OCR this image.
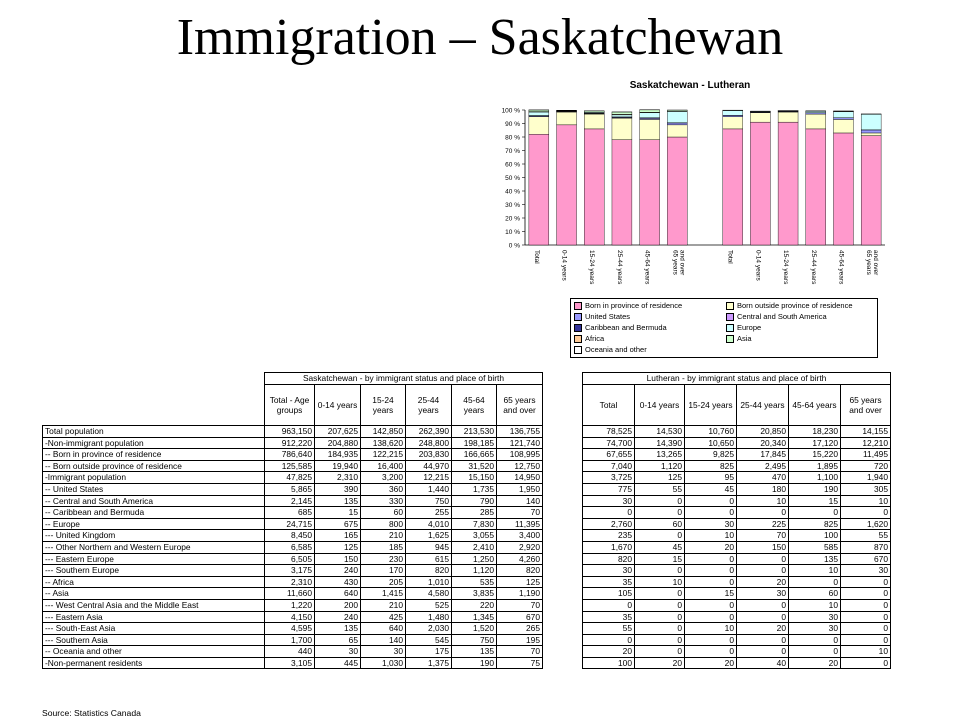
Immigration – Saskatchewan
Saskatchewan - Lutheran
0 %
10 %
20 %
30 %
40 %
50 %
60 %
70 %
80 %
90 %
100 %
Total	0-14 years	15-24 years	25-44 years	45-64 years	65 yearsand over	Total	0-14 years	15-24 years	25-44 years	45-64 years	65 yearsand over
Born in province of residence	Born outside province of residence
United States	Central and South America
Caribbean and Bermuda	Europe
Africa	Asia
Oceania and other
	Saskatchewan - by immigrant status and place of birth					
	Total - Age groups	0-14 years	15-24 years	25-44 years	45-64 years	65 years and over
Total population	963,150	207,625	142,850	262,390	213,530	136,755
-Non-immigrant population	912,220	204,880	138,620	248,800	198,185	121,740
-- Born in province of residence	786,640	184,935	122,215	203,830	166,665	108,995
-- Born outside province of residence	125,585	19,940	16,400	44,970	31,520	12,750
-Immigrant population	47,825	2,310	3,200	12,215	15,150	14,950
-- United States	5,865	390	360	1,440	1,735	1,950
-- Central and South America	2,145	135	330	750	790	140
-- Caribbean and Bermuda	685	15	60	255	285	70
-- Europe	24,715	675	800	4,010	7,830	11,395
--- United Kingdom	8,450	165	210	1,625	3,055	3,400
--- Other Northern and Western Europe	6,585	125	185	945	2,410	2,920
--- Eastern Europe	6,505	150	230	615	1,250	4,260
--- Southern Europe	3,175	240	170	820	1,120	820
-- Africa	2,310	430	205	1,010	535	125
-- Asia	11,660	640	1,415	4,580	3,835	1,190
--- West Central Asia and the Middle East	1,220	200	210	525	220	70
--- Eastern Asia	4,150	240	425	1,480	1,345	670
--- South-East Asia	4,595	135	640	2,030	1,520	265
--- Southern Asia	1,700	65	140	545	750	195
-- Oceania and other	440	30	30	175	135	70
-Non-permanent residents	3,105	445	1,030	1,375	190	75
Lutheran - by immigrant status and place of birth					
Total	0-14 years	15-24 years	25-44 years	45-64 years	65 years and over
78,525	14,530	10,760	20,850	18,230	14,155
74,700	14,390	10,650	20,340	17,120	12,210
67,655	13,265	9,825	17,845	15,220	11,495
7,040	1,120	825	2,495	1,895	720
3,725	125	95	470	1,100	1,940
775	55	45	180	190	305
30	0	0	10	15	10
0	0	0	0	0	0
2,760	60	30	225	825	1,620
235	0	10	70	100	55
1,670	45	20	150	585	870
820	15	0	0	135	670
30	0	0	0	10	30
35	10	0	20	0	0
105	0	15	30	60	0
0	0	0	0	10	0
35	0	0	0	30	0
55	0	10	20	30	0
0	0	0	0	0	0
20	0	0	0	0	10
100	20	20	40	20	0
Source: Statistics Canada
